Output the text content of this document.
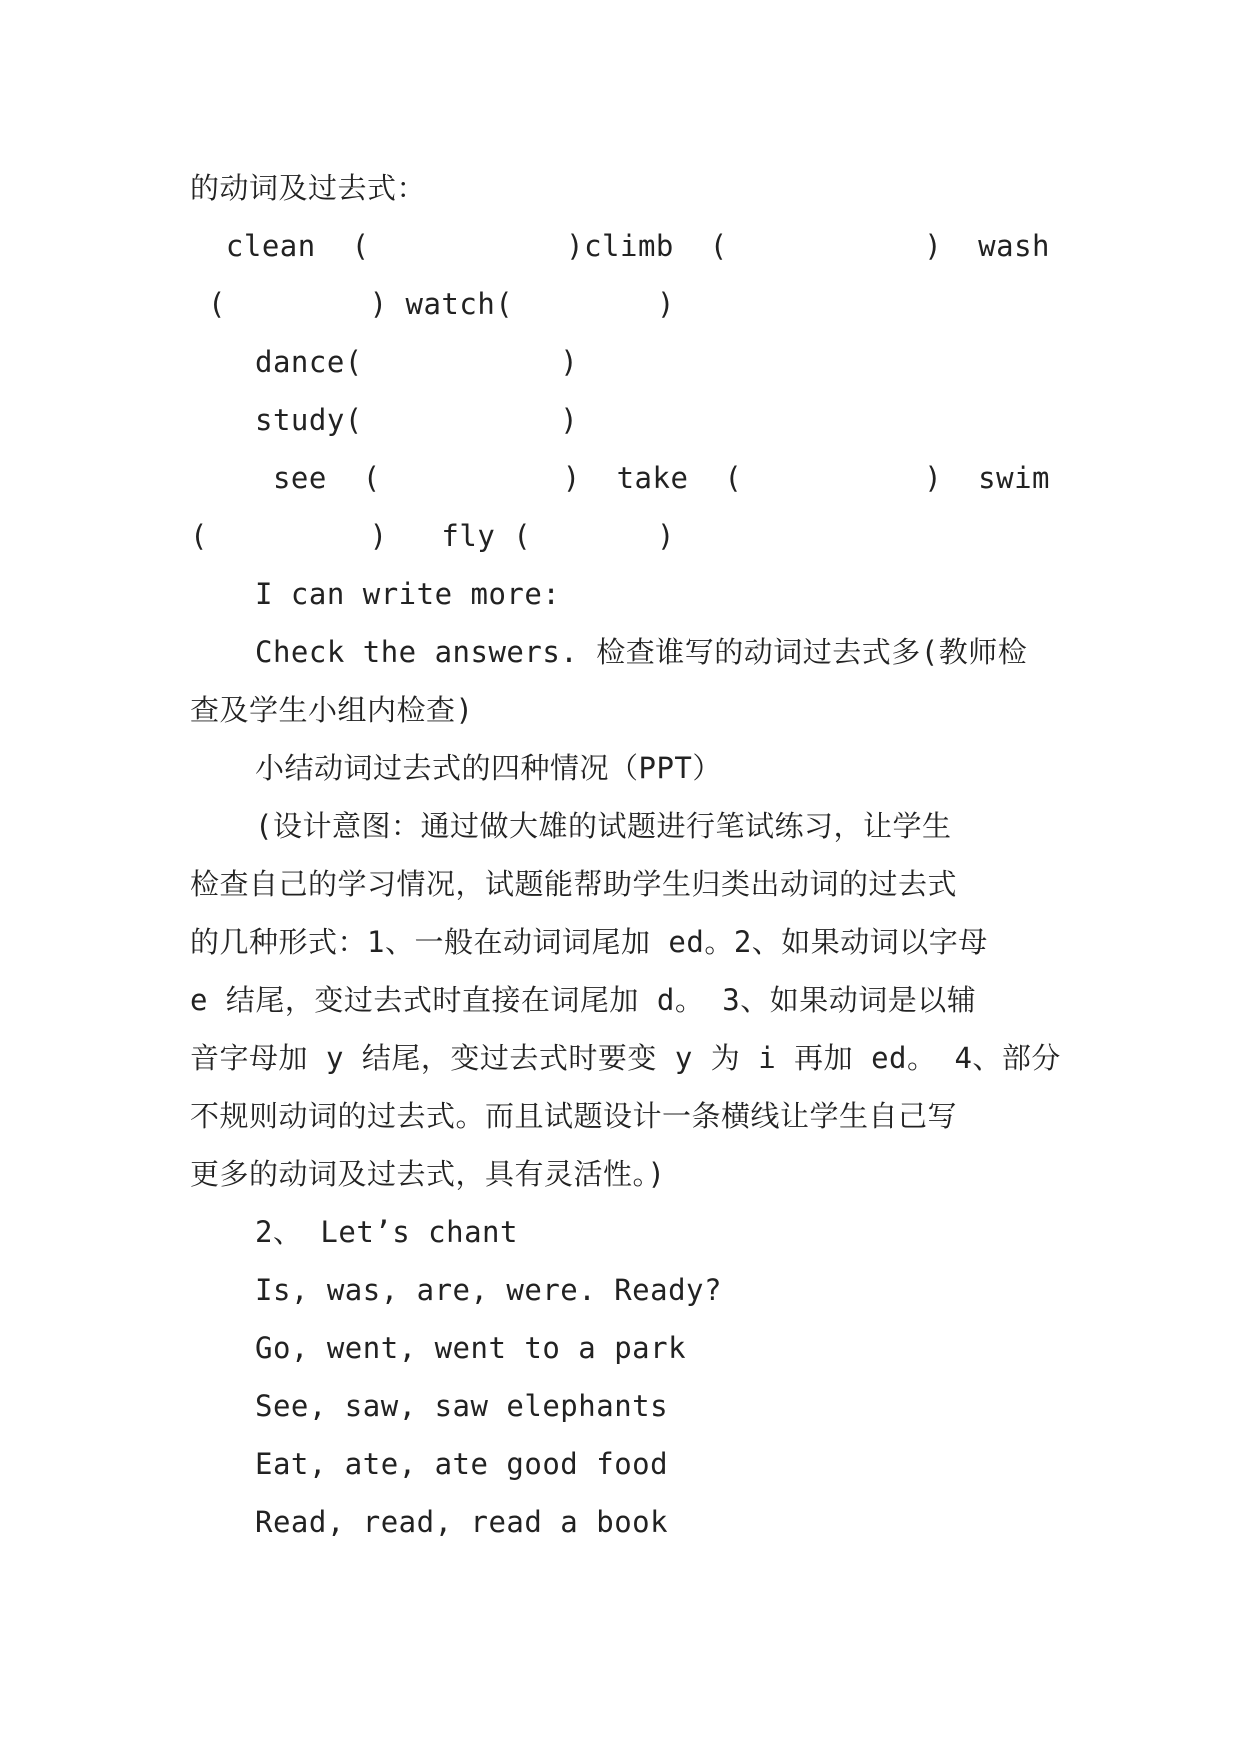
的动词及过去式：
clean  (	)climb  (	)  wash
(        ) watch(        )
dance(           )
study(           )
see  (	)  take  (	)  swim
(         )   fly (       )
I can write more:
Check the answers. 检查谁写的动词过去式多(教师检
查及学生小组内检查)
小结动词过去式的四种情况（PPT）
(设计意图：通过做大雄的试题进行笔试练习，让学生
检查自己的学习情况，试题能帮助学生归类出动词的过去式
的几种形式：1、一般在动词词尾加 ed。2、如果动词以字母
e 结尾，变过去式时直接在词尾加 d。 3、如果动词是以辅
音字母加 y 结尾，变过去式时要变 y 为 i 再加 ed。 4、部分
不规则动词的过去式。而且试题设计一条横线让学生自己写
更多的动词及过去式，具有灵活性。)
2、 Let’s chant
Is, was, are, were. Ready?
Go, went, went to a park
See, saw, saw elephants
Eat, ate, ate good food
Read, read, read a book
